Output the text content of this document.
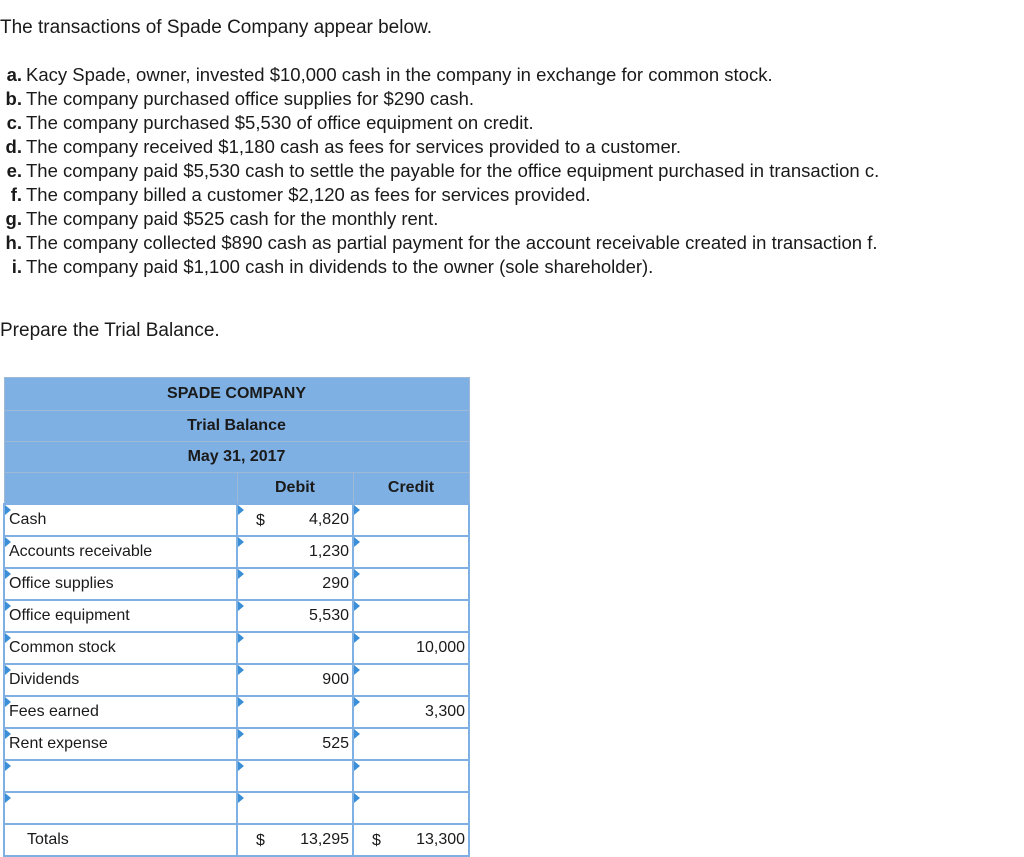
The transactions of Spade Company appear below.
a. Kacy Spade, owner, invested $10,000 cash in the company in exchange for common stock.
b. The company purchased office supplies for $290 cash.
c. The company purchased $5,530 of office equipment on credit.
d. The company received $1,180 cash as fees for services provided to a customer.
e. The company paid $5,530 cash to settle the payable for the office equipment purchased in transaction c.
f. The company billed a customer $2,120 as fees for services provided.
g. The company paid $525 cash for the monthly rent.
h. The company collected $890 cash as partial payment for the account receivable created in transaction f.
i. The company paid $1,100 cash in dividends to the owner (sole shareholder).
Prepare the Trial Balance.
SPADE COMPANY		
Trial Balance		
May 31, 2017		
	Debit	Credit

Cash	$ 4,820	

Accounts receivable	1,230	

Office supplies	290	

Office equipment	5,530	

Common stock		10,000

Dividends	900	

Fees earned		3,300

Rent expense	525	

Totals	$ 13,295	$ 13,300
